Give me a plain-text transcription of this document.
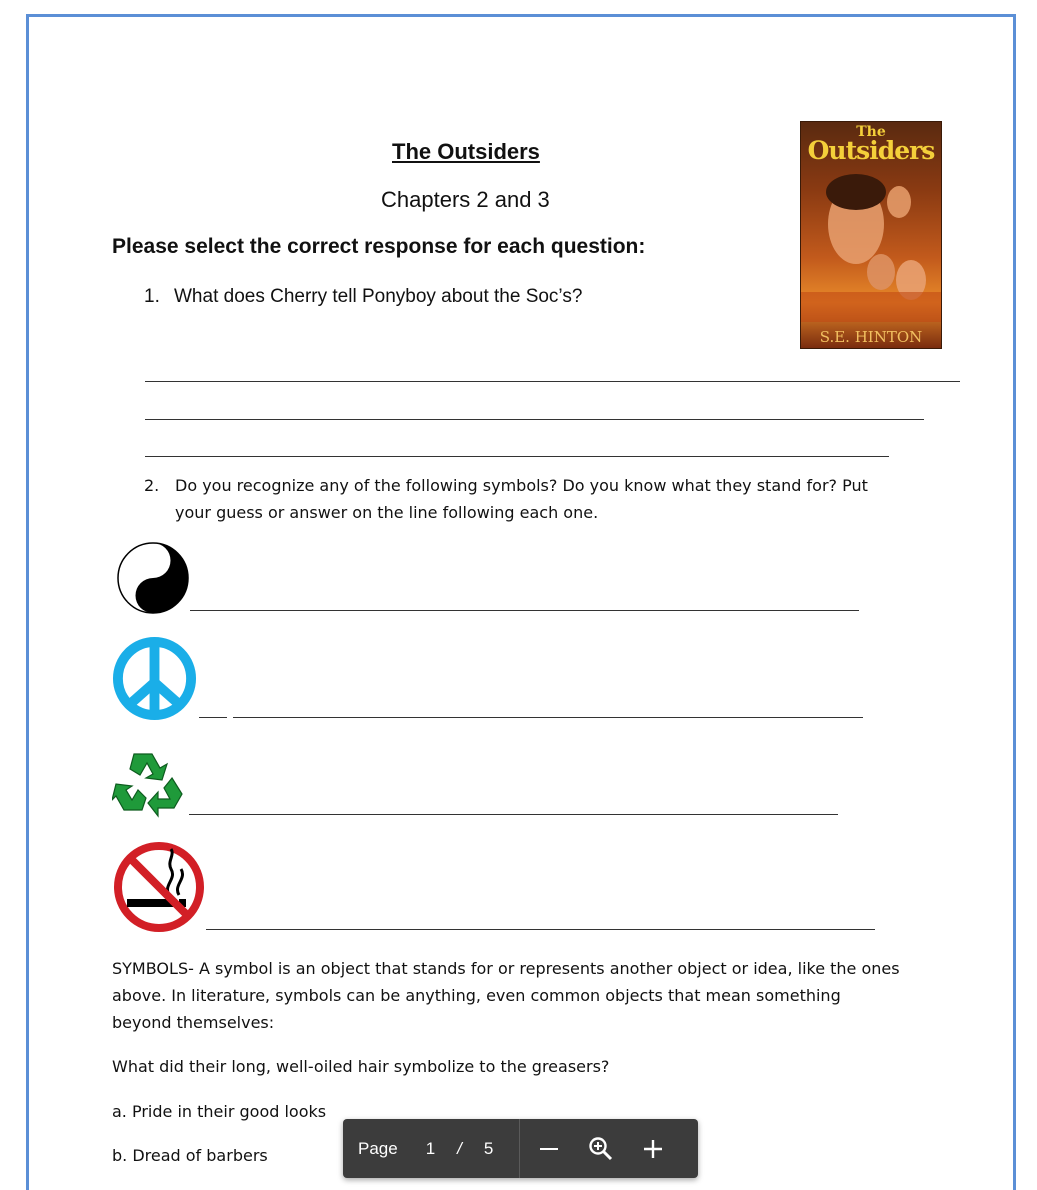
The Outsiders
Chapters 2 and 3
Please select the correct response for each question:
1. What does Cherry tell Ponyboy about the Soc’s?
The
Outsiders
S.E. HINTON
2. Do you recognize any of the following symbols? Do you know what they stand for? Put your guess or answer on the line following each one.
SYMBOLS- A symbol is an object that stands for or represents another object or idea, like the ones above. In literature, symbols can be anything, even common objects that mean something beyond themselves:
What did their long, well-oiled hair symbolize to the greasers?
a. Pride in their good looks
b. Dread of barbers	Page 1 / 5
